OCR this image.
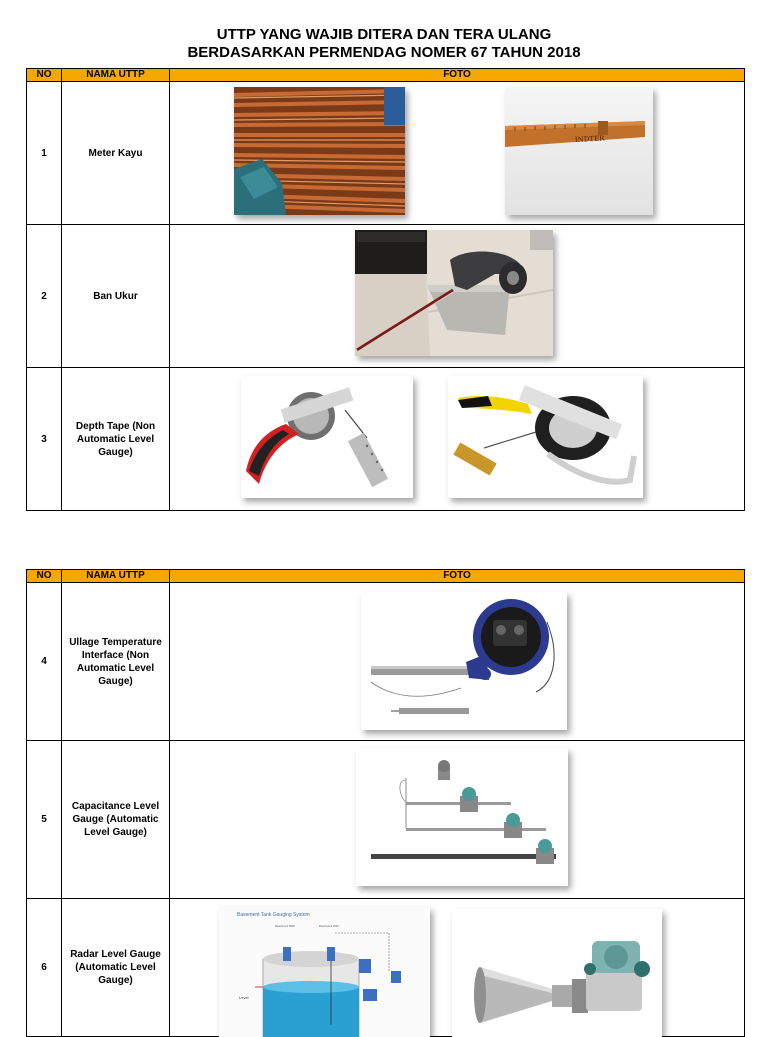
UTTP YANG WAJIB DITERA DAN TERA ULANG
BERDASARKAN PERMENDAG NOMER 67 TAHUN 2018
NO	NAMA UTTP	FOTO
1	Meter Kayu	INDTER

2	Ban Ukur	

3	Depth Tape (Non Automatic Level Gauge)	
NO	NAMA UTTP	FOTO
4	Ullage Temperature Interface (Non Automatic Level Gauge)	

5	Capacitance Level Gauge (Automatic Level Gauge)	

6	Radar Level Gauge (Automatic Level Gauge)	Basement Tank Gauging System
Rosemount 5900 Rosemount 2240
Level
